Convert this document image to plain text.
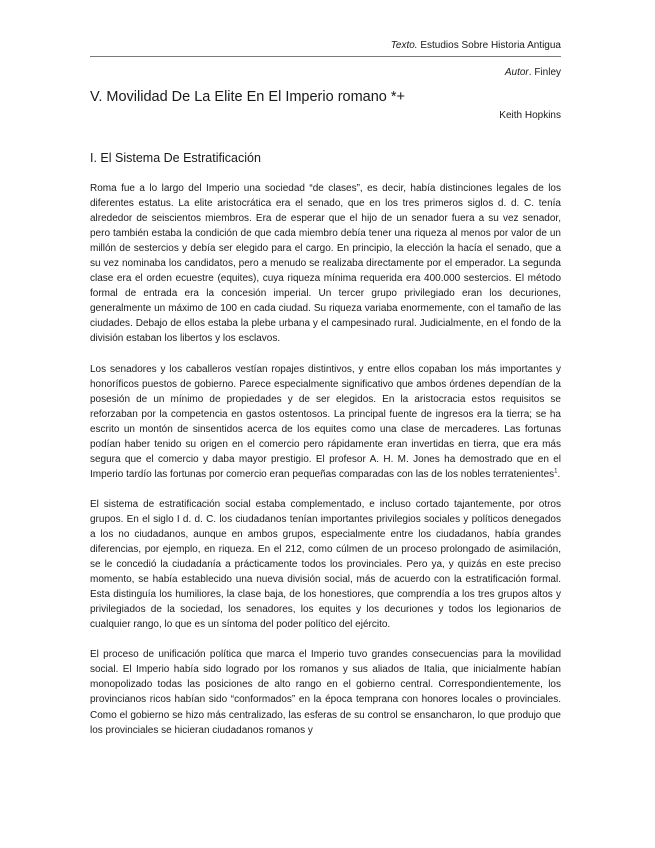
Texto. Estudios Sobre Historia Antigua
Autor. Finley
V. Movilidad De La Elite En El Imperio romano *+
Keith Hopkins
I. El Sistema De Estratificación

Roma fue a lo largo del Imperio una sociedad “de clases”, es decir, había distinciones legales de los diferentes estatus. La elite aristocrática era el senado, que en los tres primeros siglos d. d. C. tenía alrededor de seiscientos miembros. Era de esperar que el hijo de un senador fuera a su vez senador, pero también estaba la condición de que cada miembro debía tener una riqueza al menos por valor de un millón de sestercios y debía ser elegido para el cargo. En principio, la elección la hacía el senado, que a su vez nominaba los candidatos, pero a menudo se realizaba directamente por el emperador. La segunda clase era el orden ecuestre (equites), cuya riqueza mínima requerida era 400.000 sestercios. El método formal de entrada era la concesión imperial. Un tercer grupo privilegiado eran los decuriones, generalmente un máximo de 100 en cada ciudad. Su riqueza variaba enormemente, con el tamaño de las ciudades. Debajo de ellos estaba la plebe urbana y el campesinado rural. Judicialmente, en el fondo de la división estaban los libertos y los esclavos.

Los senadores y los caballeros vestían ropajes distintivos, y entre ellos copaban los más importantes y honoríficos puestos de gobierno. Parece especialmente significativo que ambos órdenes dependían de la posesión de un mínimo de propiedades y de ser elegidos. En la aristocracia estos requisitos se reforzaban por la competencia en gastos ostentosos. La principal fuente de ingresos era la tierra; se ha escrito un montón de sinsentidos acerca de los equites como una clase de mercaderes. Las fortunas podían haber tenido su origen en el comercio pero rápidamente eran invertidas en tierra, que era más segura que el comercio y daba mayor prestigio. El profesor A. H. M. Jones ha demostrado que en el Imperio tardío las fortunas por comercio eran pequeñas comparadas con las de los nobles terratenientes$^1$.

El sistema de estratificación social estaba complementado, e incluso cortado tajantemente, por otros grupos. En el siglo I d. d. C. los ciudadanos tenían importantes privilegios sociales y políticos denegados a los no ciudadanos, aunque en ambos grupos, especialmente entre los ciudadanos, había grandes diferencias, por ejemplo, en riqueza. En el 212, como cúlmen de un proceso prolongado de asimilación, se le concedió la ciudadanía a prácticamente todos los provinciales. Pero ya, y quizás en este preciso momento, se había establecido una nueva división social, más de acuerdo con la estratificación formal. Esta distinguía los humiliores, la clase baja, de los honestiores, que comprendía a los tres grupos altos y privilegiados de la sociedad, los senadores, los equites y los decuriones y todos los legionarios de cualquier rango, lo que es un síntoma del poder político del ejército.

El proceso de unificación política que marca el Imperio tuvo grandes consecuencias para la movilidad social. El Imperio había sido logrado por los romanos y sus aliados de Italia, que inicialmente habían monopolizado todas las posiciones de alto rango en el gobierno central. Correspondientemente, los provincianos ricos habían sido “conformados” en la época temprana con honores locales o provinciales. Como el gobierno se hizo más centralizado, las esferas de su control se ensancharon, lo que produjo que los provinciales se hicieran ciudadanos romanos y
